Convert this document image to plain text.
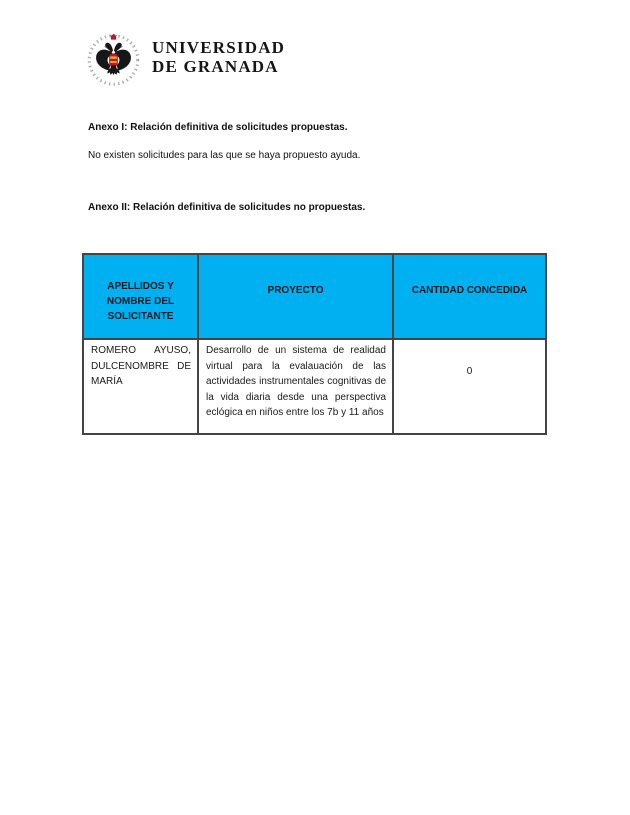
UNIVERSIDAD
DE GRANADA
Anexo I: Relación definitiva de solicitudes propuestas.
No existen solicitudes para las que se haya propuesto ayuda.
Anexo II: Relación definitiva de solicitudes no propuestas.
APELLIDOS Y NOMBRE DEL SOLICITANTE	PROYECTO	CANTIDAD CONCEDIDA
ROMERO AYUSO, DULCENOMBRE DE MARÍA	Desarrollo de un sistema de realidad virtual para la evalauación de las actividades instrumentales cognitivas de la vida diaria desde una perspectiva eclógica en niños entre los 7b y 11 años	0
